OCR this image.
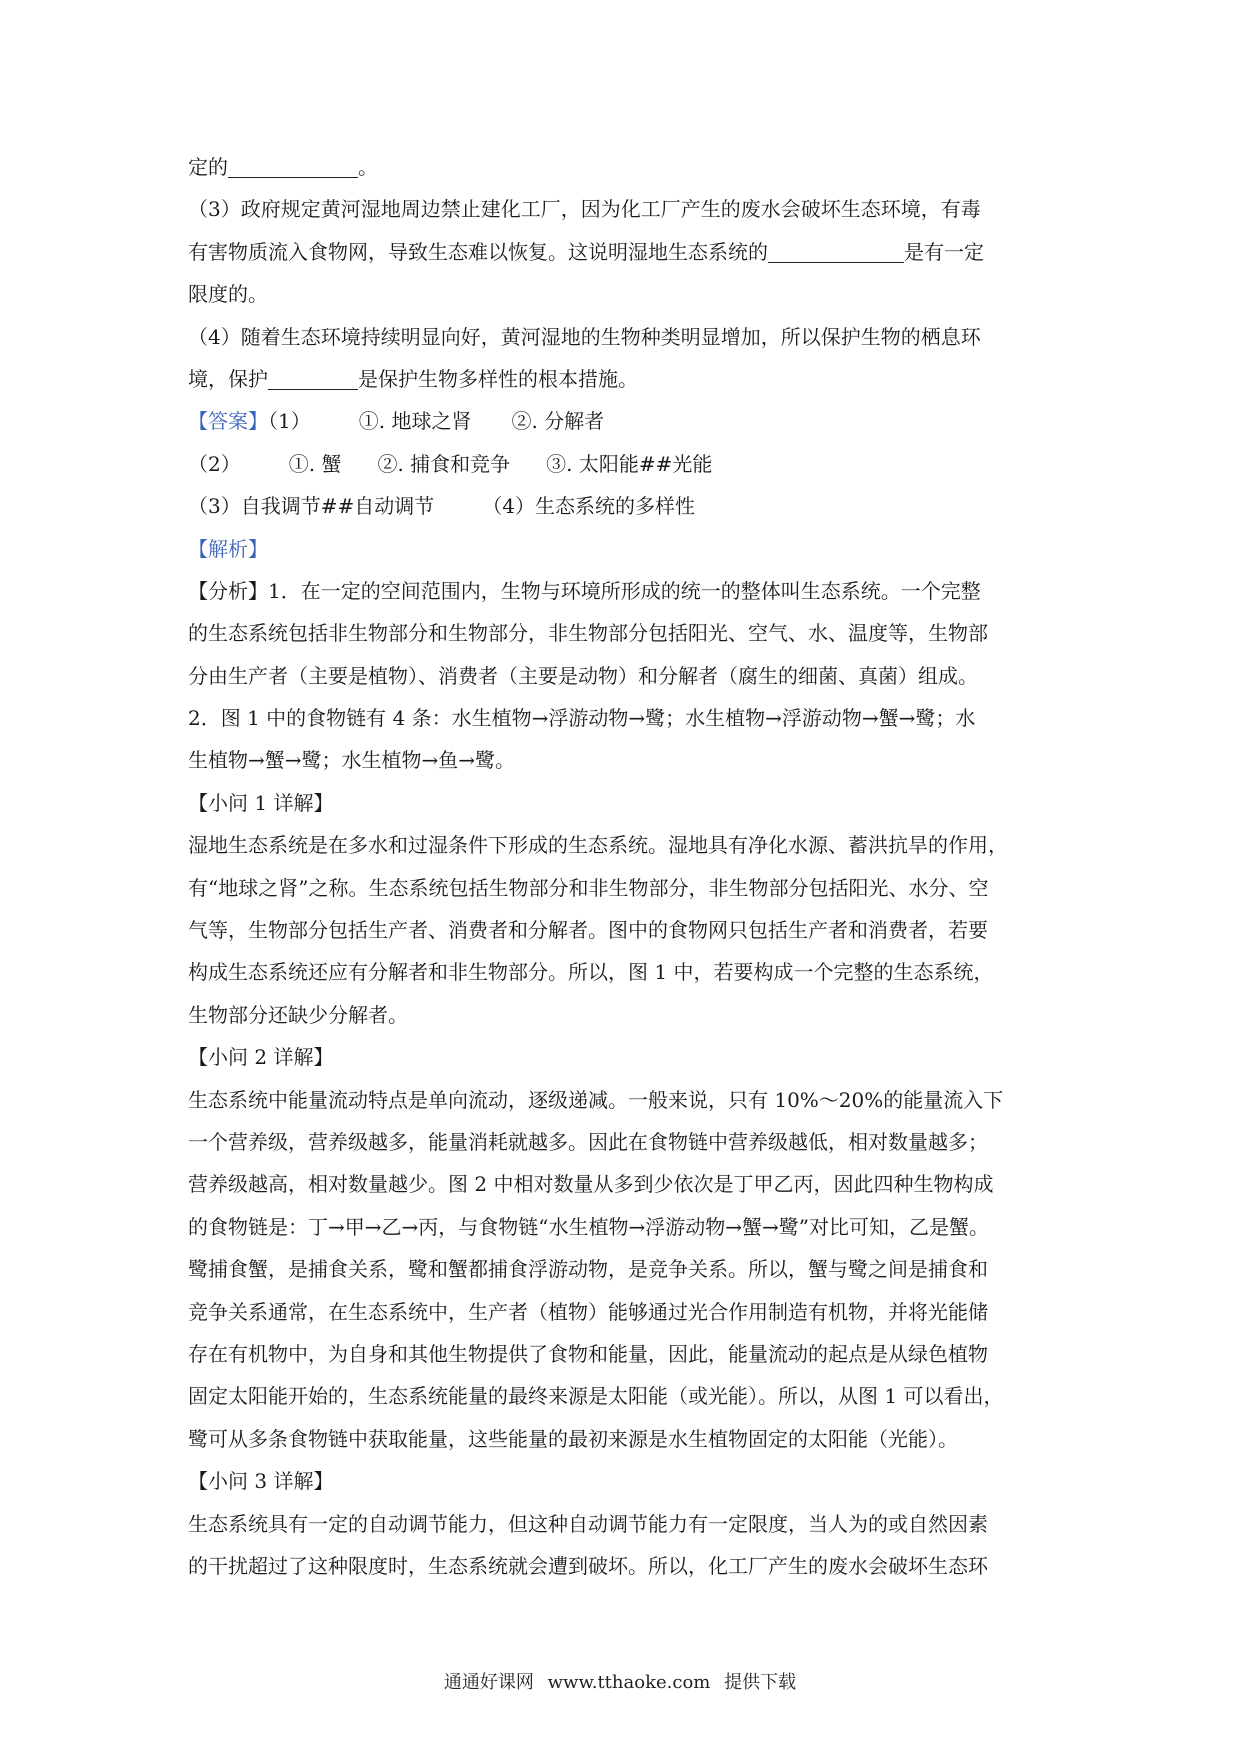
定的	。
（3）政府规定黄河湿地周边禁止建化工厂，因为化工厂产生的废水会破坏生态环境，有毒
有害物质流入食物网，导致生态难以恢复。这说明湿地生态系统的	是有一定
限度的。
（4）随着生态环境持续明显向好，黄河湿地的生物种类明显增加，所以保护生物的栖息环
境，保护	是保护生物多样性的根本措施。
【答案】（1） ①. 地球之肾 ②. 分解者
（2） ①. 蟹 ②. 捕食和竞争 ③. 太阳能##光能
（3）自我调节##自动调节 （4）生态系统的多样性
【解析】
【分析】1．在一定的空间范围内，生物与环境所形成的统一的整体叫生态系统。一个完整
的生态系统包括非生物部分和生物部分，非生物部分包括阳光、空气、水、温度等，生物部
分由生产者（主要是植物）、消费者（主要是动物）和分解者（腐生的细菌、真菌）组成。
2．图 1 中的食物链有 4 条：水生植物→浮游动物→鹭；水生植物→浮游动物→蟹→鹭；水
生植物→蟹→鹭；水生植物→鱼→鹭。
【小问 1 详解】
湿地生态系统是在多水和过湿条件下形成的生态系统。湿地具有净化水源、蓄洪抗旱的作用，
有“地球之肾”之称。生态系统包括生物部分和非生物部分，非生物部分包括阳光、水分、空
气等，生物部分包括生产者、消费者和分解者。图中的食物网只包括生产者和消费者，若要
构成生态系统还应有分解者和非生物部分。所以，图 1 中，若要构成一个完整的生态系统，
生物部分还缺少分解者。
【小问 2 详解】
生态系统中能量流动特点是单向流动，逐级递减。一般来说，只有 10%～20%的能量流入下
一个营养级，营养级越多，能量消耗就越多。因此在食物链中营养级越低，相对数量越多；
营养级越高，相对数量越少。图 2 中相对数量从多到少依次是丁甲乙丙，因此四种生物构成
的食物链是：丁→甲→乙→丙，与食物链“水生植物→浮游动物→蟹→鹭”对比可知，乙是蟹。
鹭捕食蟹，是捕食关系，鹭和蟹都捕食浮游动物，是竞争关系。所以，蟹与鹭之间是捕食和
竞争关系通常，在生态系统中，生产者（植物）能够通过光合作用制造有机物，并将光能储
存在有机物中，为自身和其他生物提供了食物和能量，因此，能量流动的起点是从绿色植物
固定太阳能开始的，生态系统能量的最终来源是太阳能（或光能）。所以，从图 1 可以看出，
鹭可从多条食物链中获取能量，这些能量的最初来源是水生植物固定的太阳能（光能）。
【小问 3 详解】
生态系统具有一定的自动调节能力，但这种自动调节能力有一定限度，当人为的或自然因素
的干扰超过了这种限度时，生态系统就会遭到破坏。所以，化工厂产生的废水会破坏生态环
通通好课网 www.tthaoke.com 提供下载
